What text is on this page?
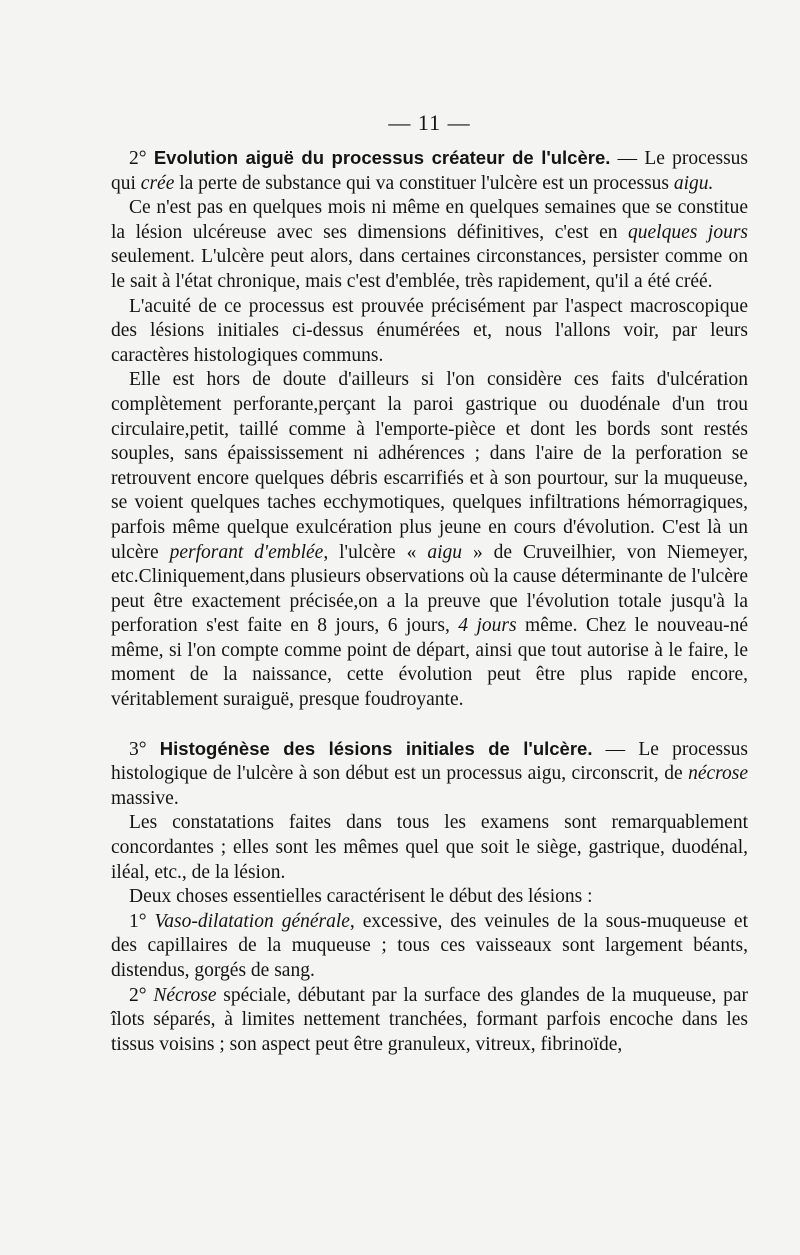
— 11 —

2° Evolution aiguë du processus créateur de l'ulcère. — Le processus qui crée la perte de substance qui va constituer l'ulcère est un processus aigu.

Ce n'est pas en quelques mois ni même en quelques semaines que se constitue la lésion ulcéreuse avec ses dimensions définitives, c'est en quelques jours seulement. L'ulcère peut alors, dans certaines circonstances, persister comme on le sait à l'état chronique, mais c'est d'emblée, très rapidement, qu'il a été créé.

L'acuité de ce processus est prouvée précisément par l'aspect macroscopique des lésions initiales ci-dessus énumérées et, nous l'allons voir, par leurs caractères histologiques communs.

Elle est hors de doute d'ailleurs si l'on considère ces faits d'ulcération complètement perforante,perçant la paroi gastrique ou duodénale d'un trou circulaire,petit, taillé comme à l'emporte-pièce et dont les bords sont restés souples, sans épaississement ni adhérences ; dans l'aire de la perforation se retrouvent encore quelques débris escarrifiés et à son pourtour, sur la muqueuse, se voient quelques taches ecchymotiques, quelques infiltrations hémorragiques, parfois même quelque exulcération plus jeune en cours d'évolution. C'est là un ulcère perforant d'emblée, l'ulcère « aigu » de Cruveilhier, von Niemeyer, etc.Cliniquement,dans plusieurs observations où la cause déterminante de l'ulcère peut être exactement précisée,on a la preuve que l'évolution totale jusqu'à la perforation s'est faite en 8 jours, 6 jours, 4 jours même. Chez le nouveau-né même, si l'on compte comme point de départ, ainsi que tout autorise à le faire, le moment de la naissance, cette évolution peut être plus rapide encore, véritablement suraiguë, presque foudroyante.

3° Histogénèse des lésions initiales de l'ulcère. — Le processus histologique de l'ulcère à son début est un processus aigu, circonscrit, de nécrose massive.

Les constatations faites dans tous les examens sont remarquablement concordantes ; elles sont les mêmes quel que soit le siège, gastrique, duodénal, iléal, etc., de la lésion.

Deux choses essentielles caractérisent le début des lésions :

1° Vaso-dilatation générale, excessive, des veinules de la sous-muqueuse et des capillaires de la muqueuse ; tous ces vaisseaux sont largement béants, distendus, gorgés de sang.

2° Nécrose spéciale, débutant par la surface des glandes de la muqueuse, par îlots séparés, à limites nettement tranchées, formant parfois encoche dans les tissus voisins ; son aspect peut être granuleux, vitreux, fibrinoïde,
